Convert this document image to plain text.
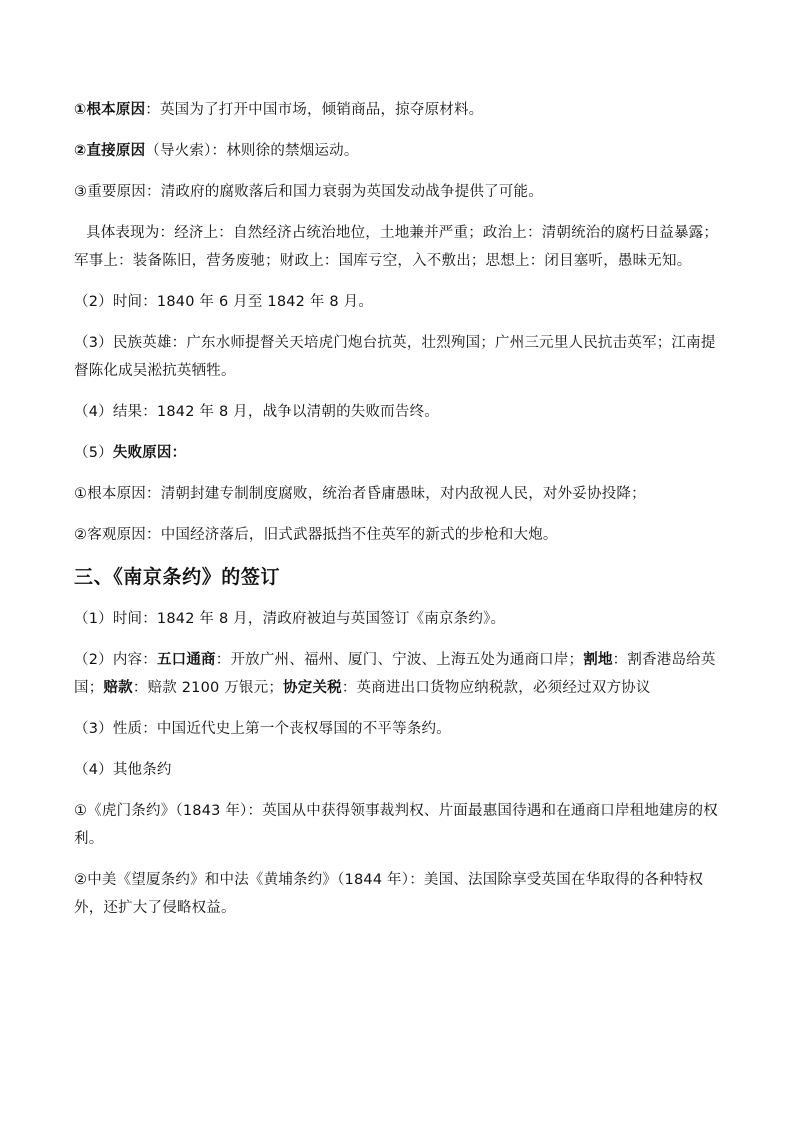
①根本原因：英国为了打开中国市场，倾销商品，掠夺原材料。

②直接原因（导火索）：林则徐的禁烟运动。

③重要原因：清政府的腐败落后和国力衰弱为英国发动战争提供了可能。

具体表现为：经济上：自然经济占统治地位，土地兼并严重；政治上：清朝统治的腐朽日益暴露；军事上：装备陈旧，营务废驰；财政上：国库亏空，入不敷出；思想上：闭目塞听，愚昧无知。

（2）时间：1840 年 6 月至 1842 年 8 月。

（3）民族英雄：广东水师提督关天培虎门炮台抗英，壮烈殉国；广州三元里人民抗击英军；江南提督陈化成吴淞抗英牺牲。

（4）结果：1842 年 8 月，战争以清朝的失败而告终。

（5）失败原因：

①根本原因：清朝封建专制制度腐败，统治者昏庸愚昧，对内敌视人民，对外妥协投降；

②客观原因：中国经济落后，旧式武器抵挡不住英军的新式的步枪和大炮。

三、《南京条约》的签订

（1）时间：1842 年 8 月，清政府被迫与英国签订《南京条约》。

（2）内容：五口通商：开放广州、福州、厦门、宁波、上海五处为通商口岸；割地：割香港岛给英国；赔款：赔款 2100 万银元；协定关税：英商进出口货物应纳税款，必须经过双方协议

（3）性质：中国近代史上第一个丧权辱国的不平等条约。

（4）其他条约

①《虎门条约》（1843 年）：英国从中获得领事裁判权、片面最惠国待遇和在通商口岸租地建房的权利。

②中美《望厦条约》和中法《黄埔条约》（1844 年）：美国、法国除享受英国在华取得的各种特权外，还扩大了侵略权益。
